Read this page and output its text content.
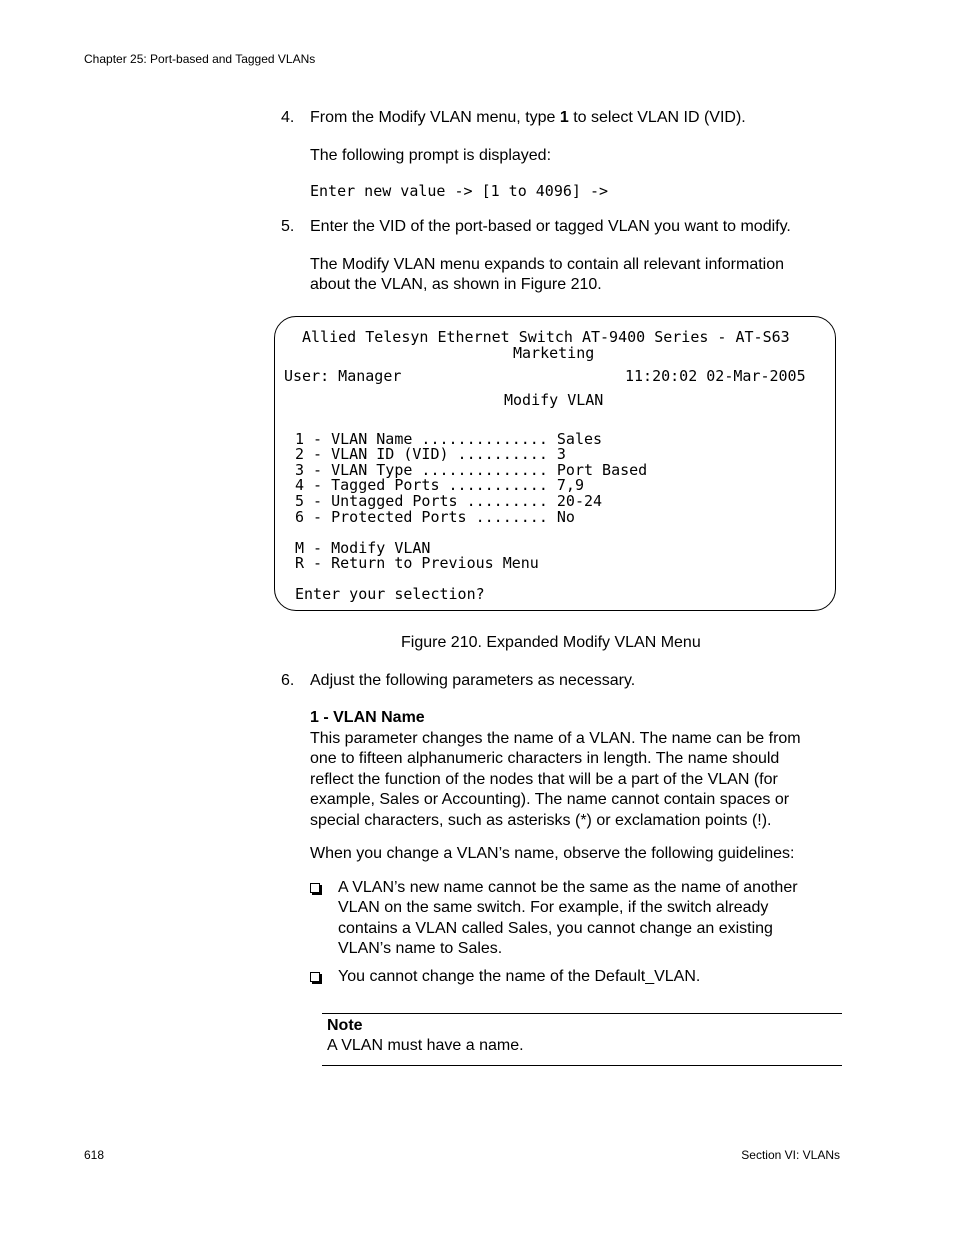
Chapter 25: Port-based and Tagged VLANs
4. From the Modify VLAN menu, type 1 to select VLAN ID (VID).
The following prompt is displayed:
Enter new value -> [1 to 4096] ->
5. Enter the VID of the port-based or tagged VLAN you want to modify.
The Modify VLAN menu expands to contain all relevant information
about the VLAN, as shown in Figure 210.
Allied Telesyn Ethernet Switch AT-9400 Series - AT-S63
Marketing
User: Manager	11:20:02 02-Mar-2005
Modify VLAN
1 - VLAN Name .............. Sales
2 - VLAN ID (VID) .......... 3
3 - VLAN Type .............. Port Based
4 - Tagged Ports ........... 7,9
5 - Untagged Ports ......... 20-24
6 - Protected Ports ........ No
M - Modify VLAN
R - Return to Previous Menu
Enter your selection?
Figure 210. Expanded Modify VLAN Menu
6. Adjust the following parameters as necessary.
1 - VLAN Name
This parameter changes the name of a VLAN. The name can be from
one to fifteen alphanumeric characters in length. The name should
reflect the function of the nodes that will be a part of the VLAN (for
example, Sales or Accounting). The name cannot contain spaces or
special characters, such as asterisks (*) or exclamation points (!).
When you change a VLAN’s name, observe the following guidelines:
A VLAN’s new name cannot be the same as the name of another
VLAN on the same switch. For example, if the switch already
contains a VLAN called Sales, you cannot change an existing
VLAN’s name to Sales.
You cannot change the name of the Default_VLAN.
Note
A VLAN must have a name.
618	Section VI: VLANs
